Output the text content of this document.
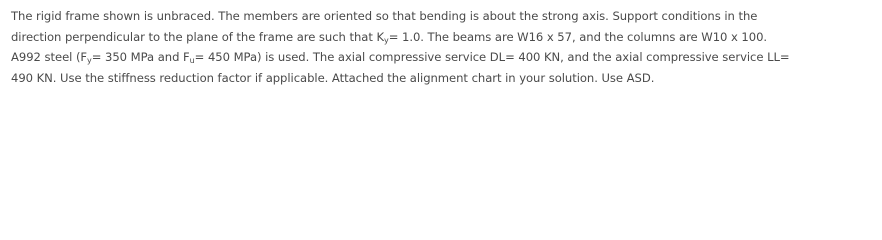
The rigid frame shown is unbraced. The members are oriented so that bending is about the strong axis. Support conditions in the
direction perpendicular to the plane of the frame are such that $K_y= 1.0$. The beams are W16 x 57, and the columns are W10 x 100.
A992 steel ($F_y= 350$ MPa and $F_u= 450$ MPa) is used. The axial compressive service DL= 400 KN, and the axial compressive service LL=
490 KN. Use the stiffness reduction factor if applicable. Attached the alignment chart in your solution. Use ASD.
